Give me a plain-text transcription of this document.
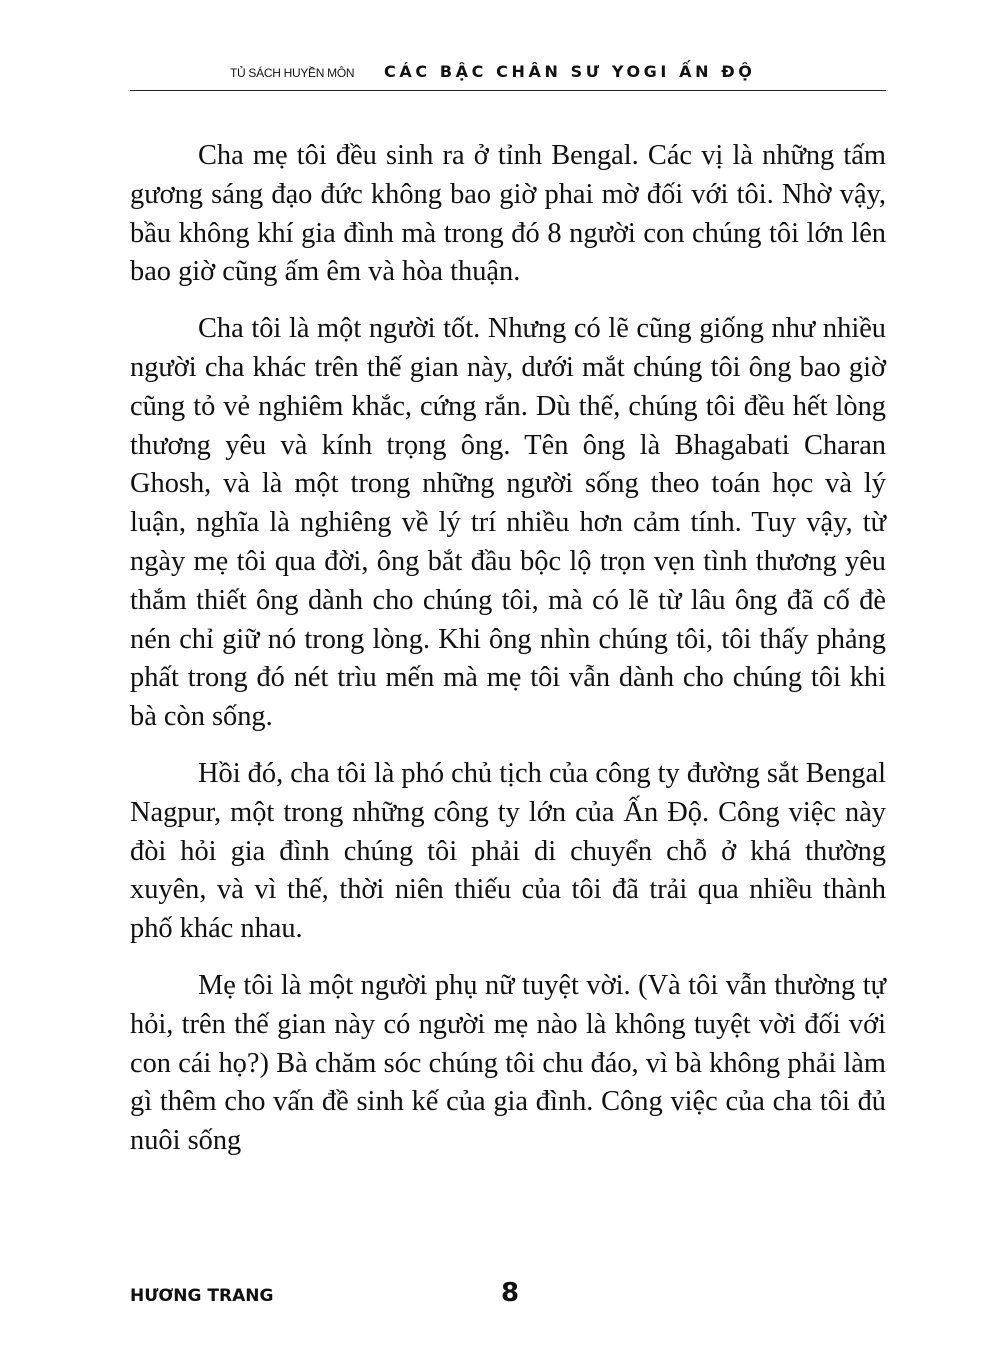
TỦ SÁCH HUYỀN MÔN CÁC BẬC CHÂN SƯ YOGI ẤN ĐỘ

Cha mẹ tôi đều sinh ra ở tỉnh Bengal. Các vị là những tấm gương sáng đạo đức không bao giờ phai mờ đối với tôi. Nhờ vậy, bầu không khí gia đình mà trong đó 8 người con chúng tôi lớn lên bao giờ cũng ấm êm và hòa thuận.

Cha tôi là một người tốt. Nhưng có lẽ cũng giống như nhiều người cha khác trên thế gian này, dưới mắt chúng tôi ông bao giờ cũng tỏ vẻ nghiêm khắc, cứng rắn. Dù thế, chúng tôi đều hết lòng thương yêu và kính trọng ông. Tên ông là Bhagabati Charan Ghosh, và là một trong những người sống theo toán học và lý luận, nghĩa là nghiêng về lý trí nhiều hơn cảm tính. Tuy vậy, từ ngày mẹ tôi qua đời, ông bắt đầu bộc lộ trọn vẹn tình thương yêu thắm thiết ông dành cho chúng tôi, mà có lẽ từ lâu ông đã cố đè nén chỉ giữ nó trong lòng. Khi ông nhìn chúng tôi, tôi thấy phảng phất trong đó nét trìu mến mà mẹ tôi vẫn dành cho chúng tôi khi bà còn sống.

Hồi đó, cha tôi là phó chủ tịch của công ty đường sắt Bengal Nagpur, một trong những công ty lớn của Ấn Độ. Công việc này đòi hỏi gia đình chúng tôi phải di chuyển chỗ ở khá thường xuyên, và vì thế, thời niên thiếu của tôi đã trải qua nhiều thành phố khác nhau.

Mẹ tôi là một người phụ nữ tuyệt vời. (Và tôi vẫn thường tự hỏi, trên thế gian này có người mẹ nào là không tuyệt vời đối với con cái họ?) Bà chăm sóc chúng tôi chu đáo, vì bà không phải làm gì thêm cho vấn đề sinh kế của gia đình. Công việc của cha tôi đủ nuôi sống

HƯƠNG TRANG	8
